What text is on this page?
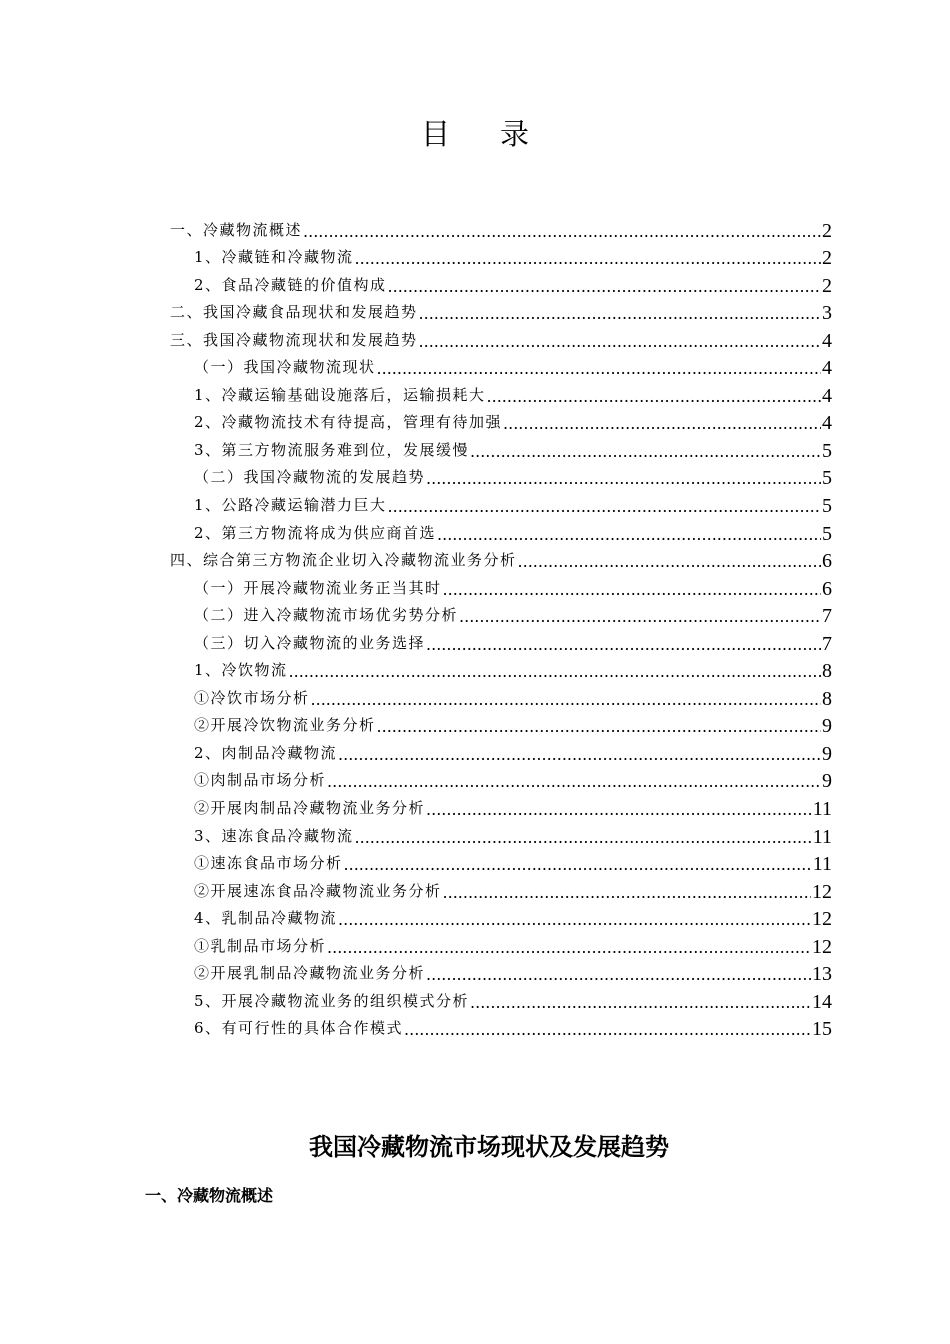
目录
一、冷藏物流概述 .....	2
1、冷藏链和冷藏物流 .....	2
2、食品冷藏链的价值构成 .....	2
二、我国冷藏食品现状和发展趋势 .....	3
三、我国冷藏物流现状和发展趋势 .....	4
（一）我国冷藏物流现状 .....	4
1、冷藏运输基础设施落后，运输损耗大 .....	4
2、冷藏物流技术有待提高，管理有待加强 .....	4
3、第三方物流服务难到位，发展缓慢 .....	5
（二）我国冷藏物流的发展趋势 .....	5
1、公路冷藏运输潜力巨大 .....	5
2、第三方物流将成为供应商首选 .....	5
四、综合第三方物流企业切入冷藏物流业务分析 .....	6
（一）开展冷藏物流业务正当其时 .....	6
（二）进入冷藏物流市场优劣势分析 .....	7
（三）切入冷藏物流的业务选择 .....	7
1、冷饮物流 .....	8
①冷饮市场分析 .....	8
②开展冷饮物流业务分析 .....	9
2、肉制品冷藏物流 .....	9
①肉制品市场分析 .....	9
②开展肉制品冷藏物流业务分析 .....	11
3、速冻食品冷藏物流 .....	11
①速冻食品市场分析 .....	11
②开展速冻食品冷藏物流业务分析 .....	12
4、乳制品冷藏物流 .....	12
①乳制品市场分析 .....	12
②开展乳制品冷藏物流业务分析 .....	13
5、开展冷藏物流业务的组织模式分析 .....	14
6、有可行性的具体合作模式 .....	15
我国冷藏物流市场现状及发展趋势
一、冷藏物流概述
